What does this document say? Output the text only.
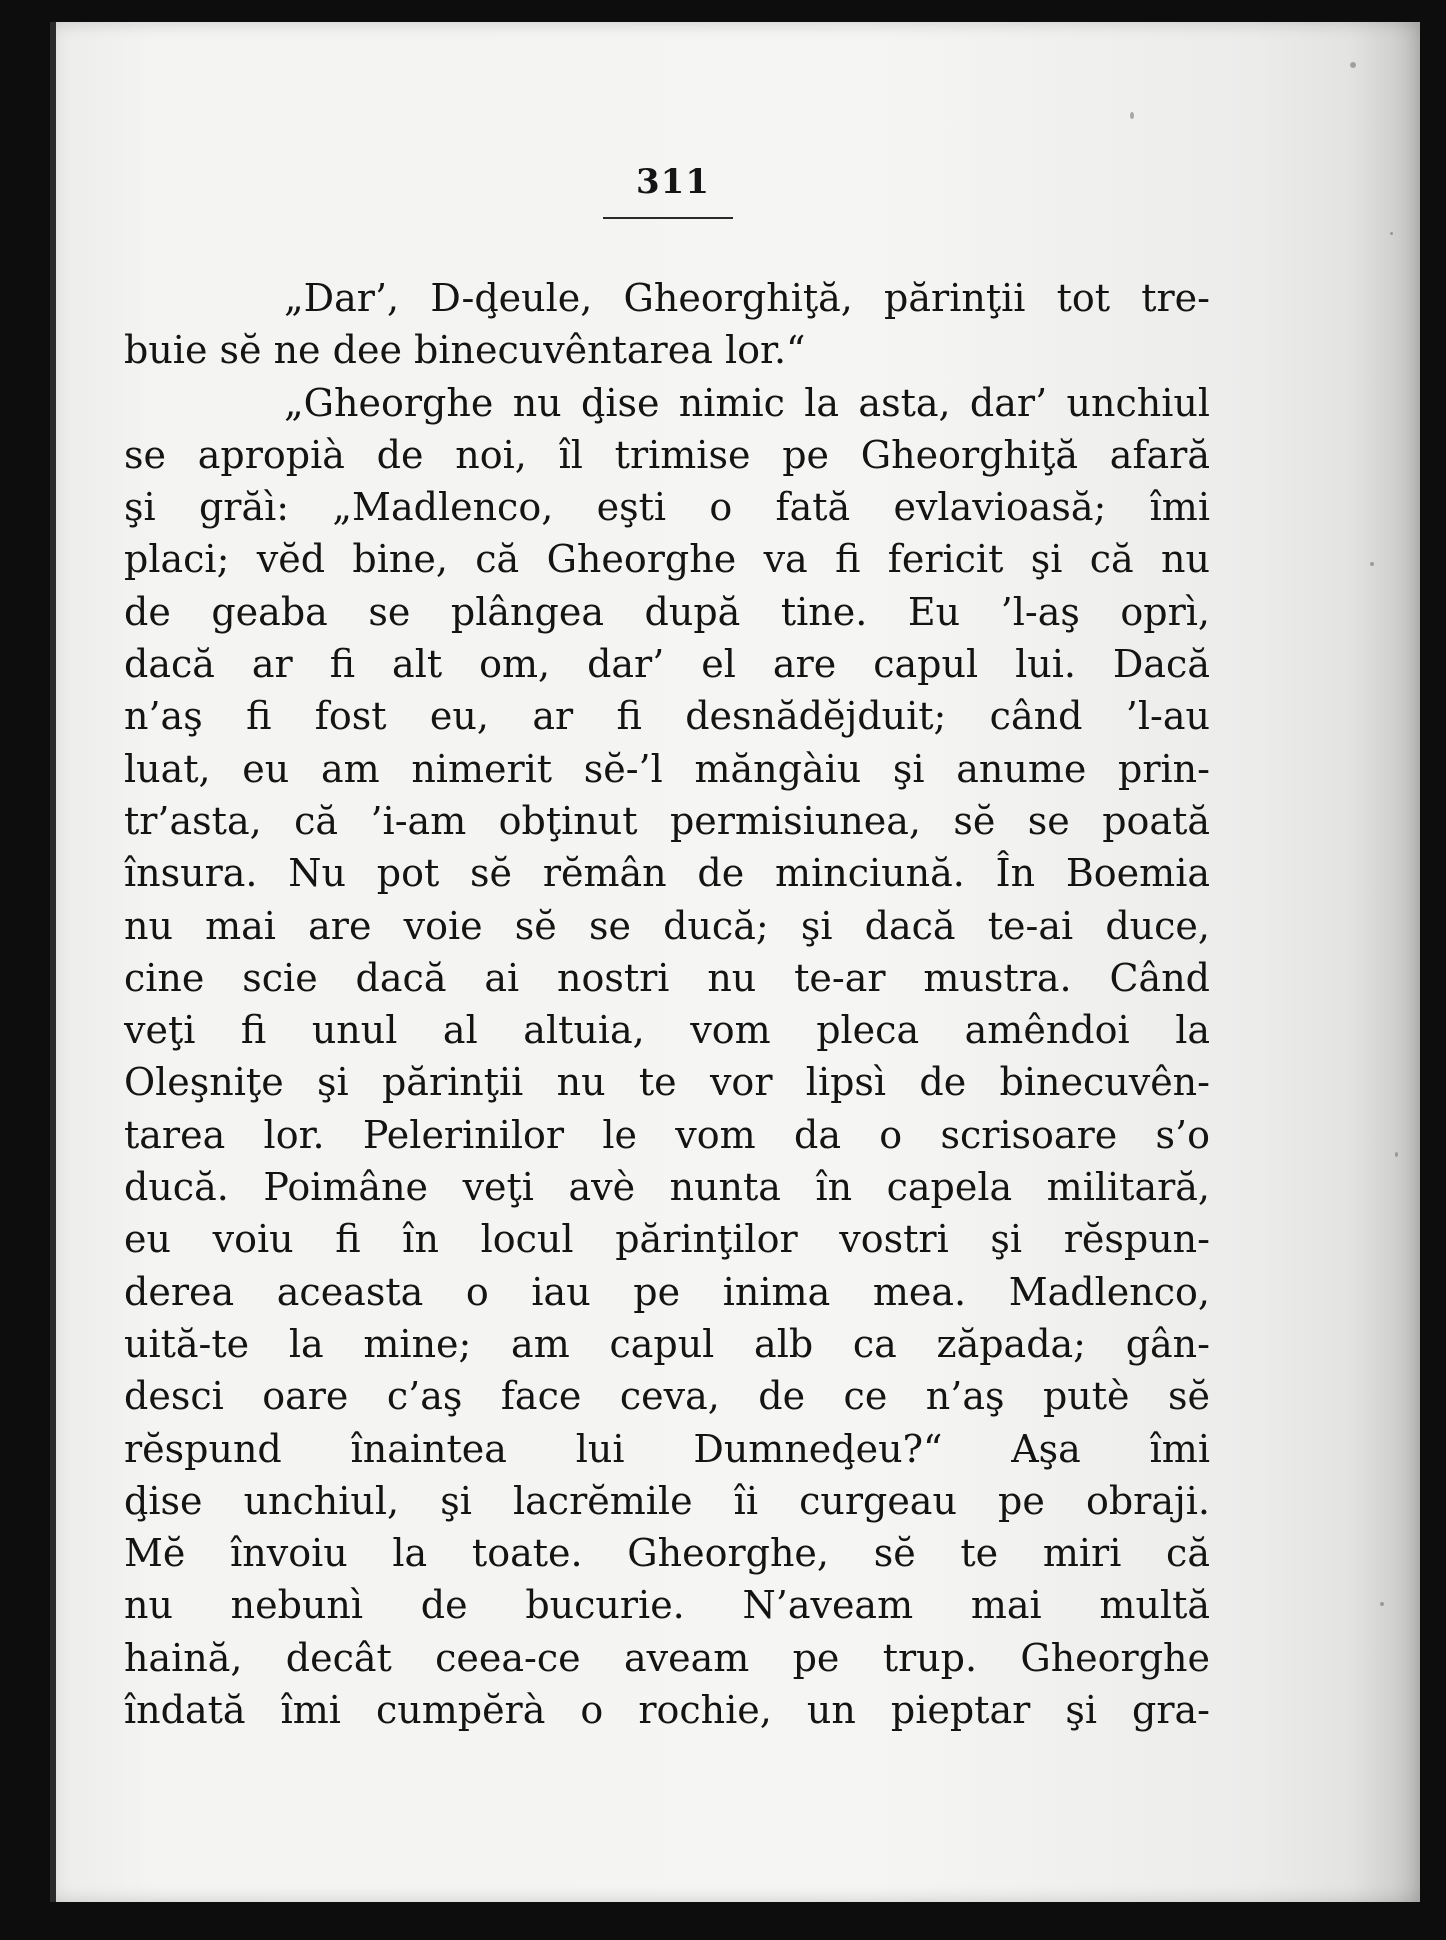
311
„Dar’, D-ḑeule, Gheorghiţă, părinţii tot tre-
buie sĕ ne dee binecuvêntarea lor.“
„Gheorghe nu ḑise nimic la asta, dar’ unchiul
se apropià de noi, îl trimise pe Gheorghiţă afară
şi grăì: „Madlenco, eşti o fată evlavioasă; îmi
placi; vĕd bine, că Gheorghe va fi fericit şi că nu
de geaba se plângea după tine. Eu ’l-aş oprì,
dacă ar fi alt om, dar’ el are capul lui. Dacă
n’aş fi fost eu, ar fi desnădĕjduit; când ’l-au
luat, eu am nimerit sĕ-’l măngàiu şi anume prin-
tr’asta, că ’i-am obţinut permisiunea, sĕ se poată
însura. Nu pot sĕ rĕmân de minciună. În Boemia
nu mai are voie sĕ se ducă; şi dacă te-ai duce,
cine scie dacă ai nostri nu te-ar mustra. Când
veţi fi unul al altuia, vom pleca amêndoi la
Oleşniţe şi părinţii nu te vor lipsì de binecuvên-
tarea lor. Pelerinilor le vom da o scrisoare s’o
ducă. Poimâne veţi avè nunta în capela militară,
eu voiu fi în locul părinţilor vostri şi rĕspun-
derea aceasta o iau pe inima mea. Madlenco,
uită-te la mine; am capul alb ca zăpada; gân-
desci oare c’aş face ceva, de ce n’aş putè sĕ
rĕspund înaintea lui Dumneḑeu?“ Aşa îmi
ḑise unchiul, şi lacrĕmile îi curgeau pe obraji.
Mĕ învoiu la toate. Gheorghe, sĕ te miri că
nu nebunì de bucurie. N’aveam mai multă
haină, decât ceea-ce aveam pe trup. Gheorghe
îndată îmi cumpĕrà o rochie, un pieptar şi gra-
